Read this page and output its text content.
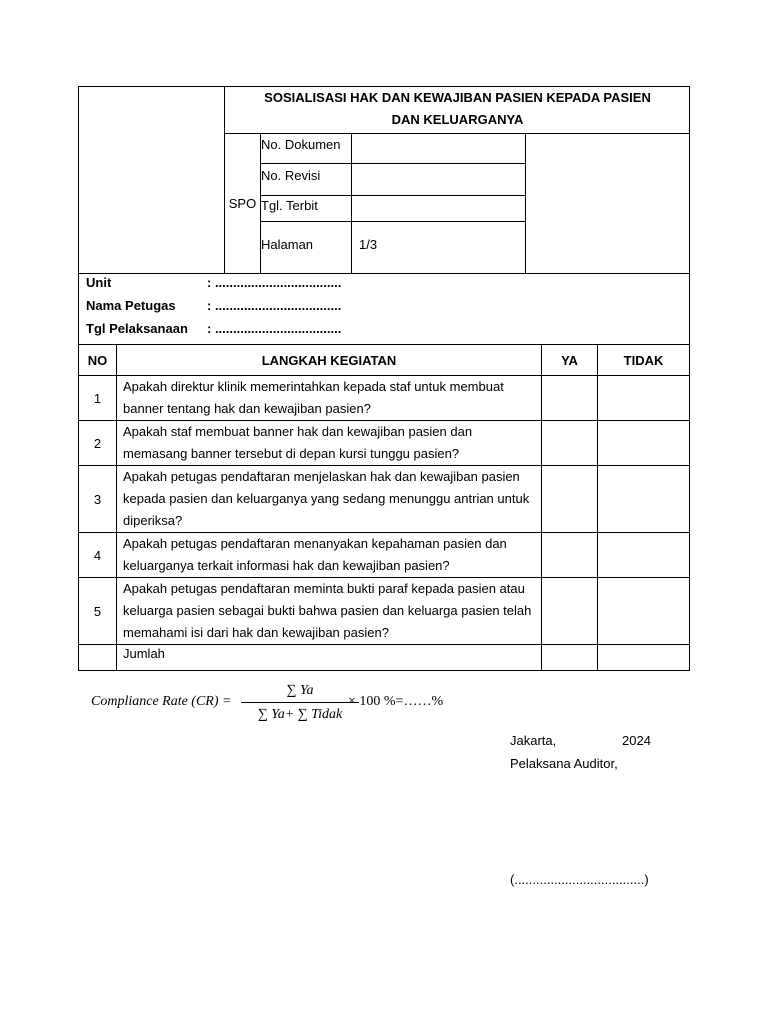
SOSIALISASI HAK DAN KEWAJIBAN PASIEN KEPADA PASIEN
DAN KELUARGANYA
SPO
No. Dokumen
No. Revisi
Tgl. Terbit
Halaman	1/3
Unit	: ...................................
Nama Petugas : ...................................
Tgl Pelaksanaan : ...................................
NO	LANGKAH KEGIATAN	YA	TIDAK
1	Apakah direktur klinik memerintahkan kepada staf untuk membuat banner tentang hak dan kewajiban pasien?		
2	Apakah staf membuat banner hak dan kewajiban pasien dan memasang banner tersebut di depan kursi tunggu pasien?		
3	Apakah petugas pendaftaran menjelaskan hak dan kewajiban pasien kepada pasien dan keluarganya yang sedang menunggu antrian untuk diperiksa?		
4	Apakah petugas pendaftaran menanyakan kepahaman pasien dan keluarganya terkait informasi hak dan kewajiban pasien?		
5	Apakah petugas pendaftaran meminta bukti paraf kepada pasien atau keluarga pasien sebagai bukti bahwa pasien dan keluarga pasien telah memahami isi dari hak dan kewajiban pasien?		
	Jumlah		
Compliance Rate (CR) =
∑ Ya
∑ Ya+ ∑ Tidak
× 100 %=……%
Jakarta,	2024
Pelaksana Auditor,
(....................................)
